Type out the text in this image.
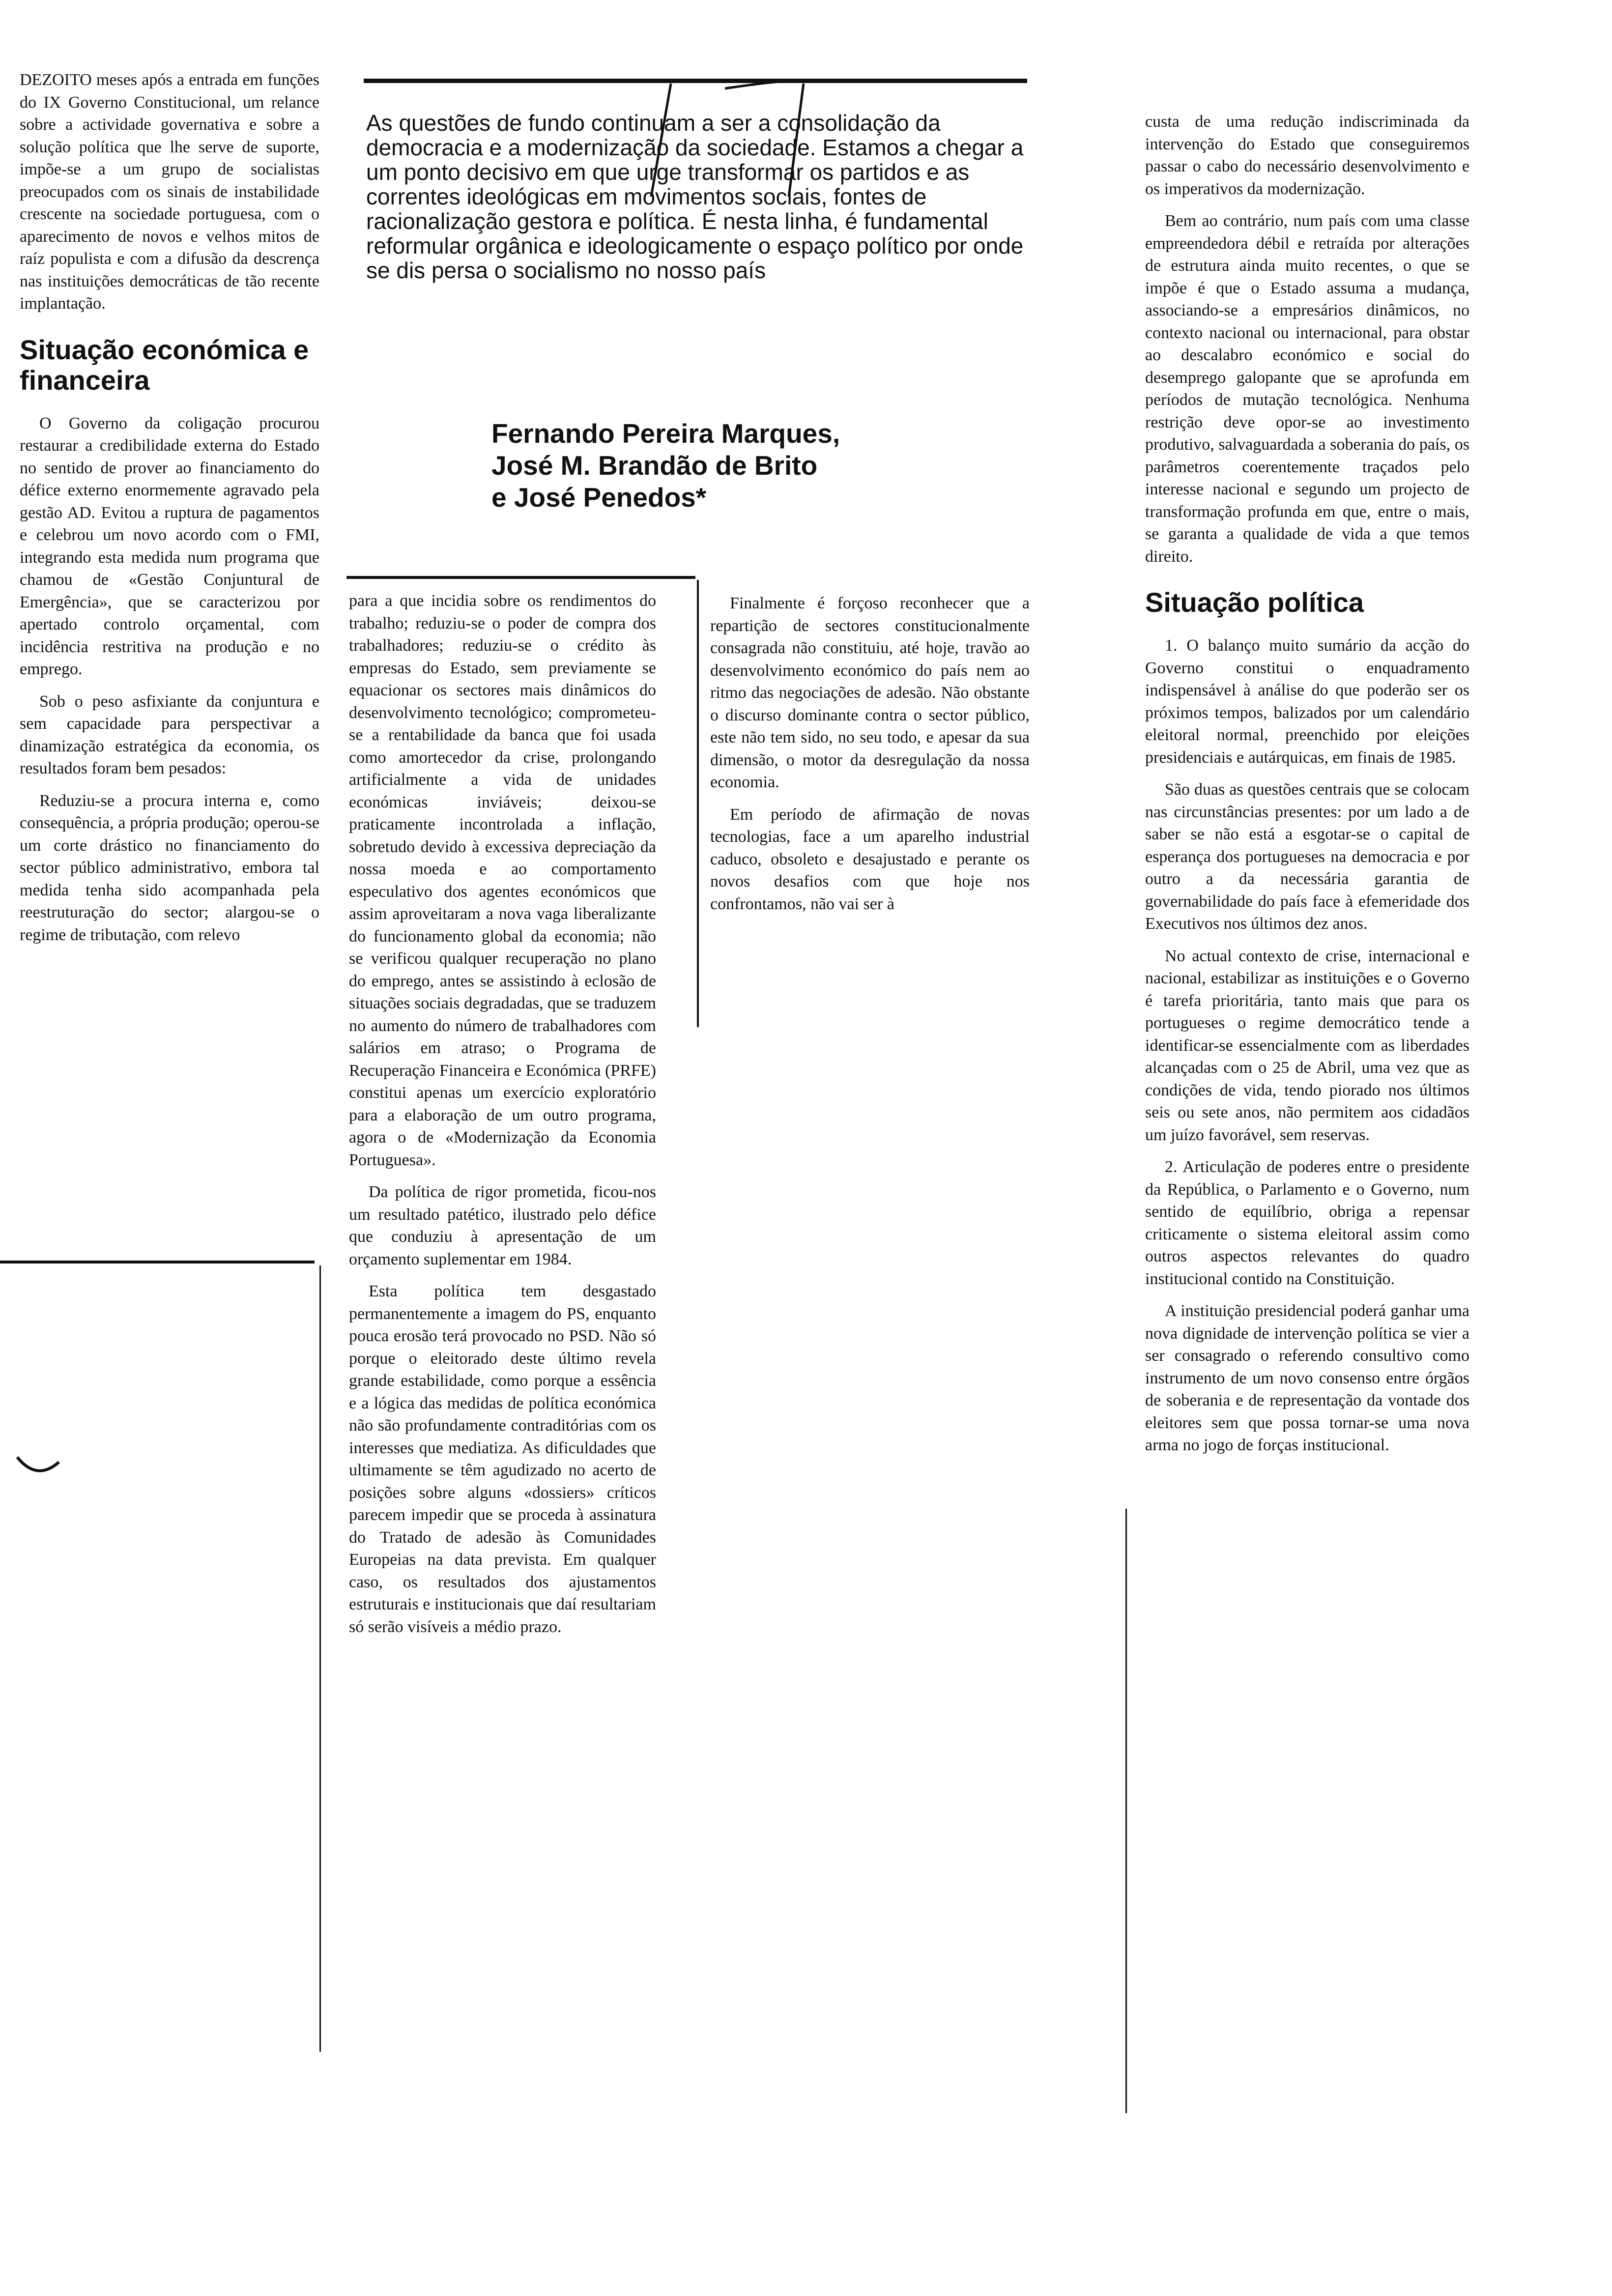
As questões de fundo continuam a ser a consolidação da democracia e a modernização da sociedade. Estamos a chegar a um ponto decisivo em que urge transformar os partidos e as correntes ideológicas em movimentos sociais, fontes de racionalização gestora e política. É nesta linha, é fundamental reformular orgânica e ideologicamente o espaço político por onde se dis persa o socialismo no nosso país
Fernando Pereira Marques,
José M. Brandão de Brito
e José Penedos*

DEZOITO meses após a entrada em funções do IX Governo Constitucional, um relance sobre a actividade governativa e sobre a solução política que lhe serve de suporte, impõe-se a um grupo de socialistas preocupados com os sinais de instabilidade crescente na sociedade portuguesa, com o aparecimento de novos e velhos mitos de raíz populista e com a difusão da descrença nas instituições democráticas de tão recente implantação.

Situação económica e financeira

O Governo da coligação procurou restaurar a credibilidade externa do Estado no sentido de prover ao financiamento do défice externo enormemente agravado pela gestão AD. Evitou a ruptura de pagamentos e celebrou um novo acordo com o FMI, integrando esta medida num programa que chamou de «Gestão Conjuntural de Emergência», que se caracterizou por apertado controlo orçamental, com incidência restritiva na produção e no emprego.

Sob o peso asfixiante da conjuntura e sem capacidade para perspectivar a dinamização estratégica da economia, os resultados foram bem pesados:

Reduziu-se a procura interna e, como consequência, a própria produção; operou-se um corte drástico no financiamento do sector público administrativo, embora tal medida tenha sido acompanhada pela reestruturação do sector; alargou-se o regime de tributação, com relevo

para a que incidia sobre os rendimentos do trabalho; reduziu-se o poder de compra dos trabalhadores; reduziu-se o crédito às empresas do Estado, sem previamente se equacionar os sectores mais dinâmicos do desenvolvimento tecnológico; comprometeu-se a rentabilidade da banca que foi usada como amortecedor da crise, prolongando artificialmente a vida de unidades económicas inviáveis; deixou-se praticamente incontrolada a inflação, sobretudo devido à excessiva depreciação da nossa moeda e ao comportamento especulativo dos agentes económicos que assim aproveitaram a nova vaga liberalizante do funcionamento global da economia; não se verificou qualquer recuperação no plano do emprego, antes se assistindo à eclosão de situações sociais degradadas, que se traduzem no aumento do número de trabalhadores com salários em atraso; o Programa de Recuperação Financeira e Económica (PRFE) constitui apenas um exercício exploratório para a elaboração de um outro programa, agora o de «Modernização da Economia Portuguesa».

Da política de rigor prometida, ficou-nos um resultado patético, ilustrado pelo défice que conduziu à apresentação de um orçamento suplementar em 1984.

Esta política tem desgastado permanentemente a imagem do PS, enquanto pouca erosão terá provocado no PSD. Não só porque o eleitorado deste último revela grande estabilidade, como porque a essência e a lógica das medidas de política económica não são profundamente contraditórias com os interesses que mediatiza. As dificuldades que ultimamente se têm agudizado no acerto de posições sobre alguns «dossiers» críticos parecem impedir que se proceda à assinatura do Tratado de adesão às Comunidades Europeias na data prevista. Em qualquer caso, os resultados dos ajustamentos estruturais e institucionais que daí resultariam só serão visíveis a médio prazo.

Finalmente é forçoso reconhecer que a repartição de sectores constitucionalmente consagrada não constituiu, até hoje, travão ao desenvolvimento económico do país nem ao ritmo das negociações de adesão. Não obstante o discurso dominante contra o sector público, este não tem sido, no seu todo, e apesar da sua dimensão, o motor da desregulação da nossa economia.

Em período de afirmação de novas tecnologias, face a um aparelho industrial caduco, obsoleto e desajustado e perante os novos desafios com que hoje nos confrontamos, não vai ser à

custa de uma redução indiscriminada da intervenção do Estado que conseguiremos passar o cabo do necessário desenvolvimento e os imperativos da modernização.

Bem ao contrário, num país com uma classe empreendedora débil e retraída por alterações de estrutura ainda muito recentes, o que se impõe é que o Estado assuma a mudança, associando-se a empresários dinâmicos, no contexto nacional ou internacional, para obstar ao descalabro económico e social do desemprego galopante que se aprofunda em períodos de mutação tecnológica. Nenhuma restrição deve opor-se ao investimento produtivo, salvaguardada a soberania do país, os parâmetros coerentemente traçados pelo interesse nacional e segundo um projecto de transformação profunda em que, entre o mais, se garanta a qualidade de vida a que temos direito.

Situação política

1. O balanço muito sumário da acção do Governo constitui o enquadramento indispensável à análise do que poderão ser os próximos tempos, balizados por um calendário eleitoral normal, preenchido por eleições presidenciais e autárquicas, em finais de 1985.

São duas as questões centrais que se colocam nas circunstâncias presentes: por um lado a de saber se não está a esgotar-se o capital de esperança dos portugueses na democracia e por outro a da necessária garantia de governabilidade do país face à efemeridade dos Executivos nos últimos dez anos.

No actual contexto de crise, internacional e nacional, estabilizar as instituições e o Governo é tarefa prioritária, tanto mais que para os portugueses o regime democrático tende a identificar-se essencialmente com as liberdades alcançadas com o 25 de Abril, uma vez que as condições de vida, tendo piorado nos últimos seis ou sete anos, não permitem aos cidadãos um juízo favorável, sem reservas.

2. Articulação de poderes entre o presidente da República, o Parlamento e o Governo, num sentido de equilíbrio, obriga a repensar criticamente o sistema eleitoral assim como outros aspectos relevantes do quadro institucional contido na Constituição.

A instituição presidencial poderá ganhar uma nova dignidade de intervenção política se vier a ser consagrado o referendo consultivo como instrumento de um novo consenso entre órgãos de soberania e de representação da vontade dos eleitores sem que possa tornar-se uma nova arma no jogo de forças institucional.
